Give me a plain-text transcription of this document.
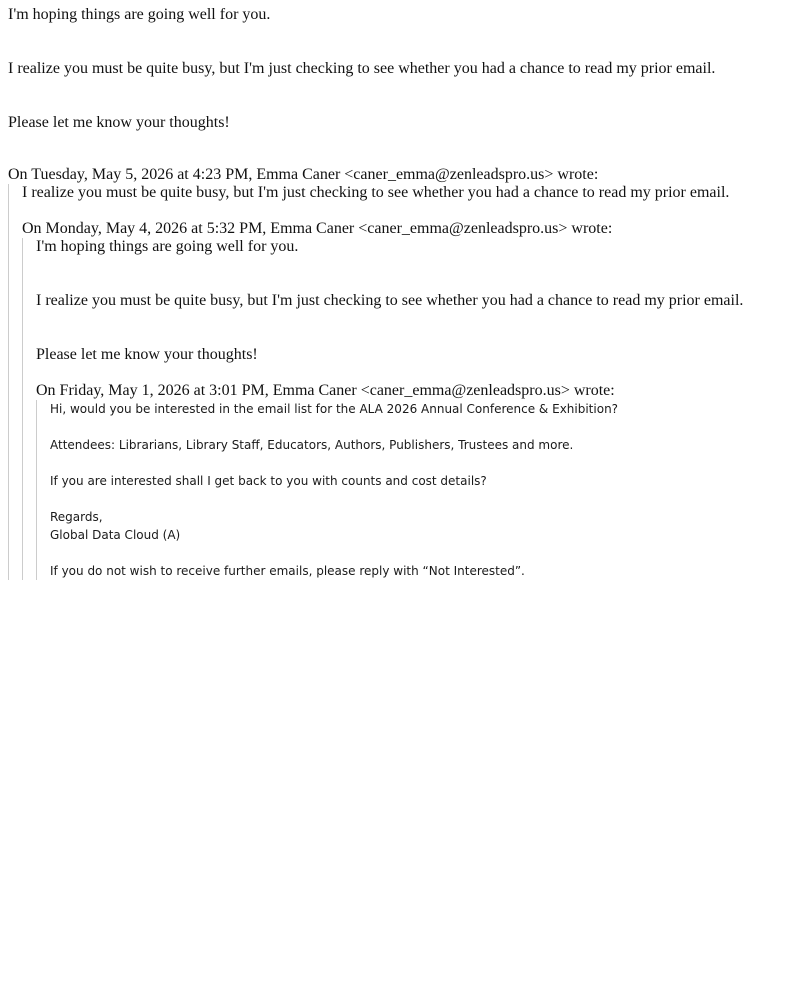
I'm hoping things are going well for you.

I realize you must be quite busy, but I'm just checking to see whether you had a chance to read my prior email.

Please let me know your thoughts!

On Tuesday, May 5, 2026 at 4:23 PM, Emma Caner <caner_emma@zenleadspro.us> wrote:

I realize you must be quite busy, but I'm just checking to see whether you had a chance to read my prior email.

On Monday, May 4, 2026 at 5:32 PM, Emma Caner <caner_emma@zenleadspro.us> wrote:

I'm hoping things are going well for you.

I realize you must be quite busy, but I'm just checking to see whether you had a chance to read my prior email.

Please let me know your thoughts!

On Friday, May 1, 2026 at 3:01 PM, Emma Caner <caner_emma@zenleadspro.us> wrote:

Hi, would you be interested in the email list for the ALA 2026 Annual Conference & Exhibition?

Attendees: Librarians, Library Staff, Educators, Authors, Publishers, Trustees and more.

If you are interested shall I get back to you with counts and cost details?

Regards,

Global Data Cloud (A)

If you do not wish to receive further emails, please reply with “Not Interested”.
